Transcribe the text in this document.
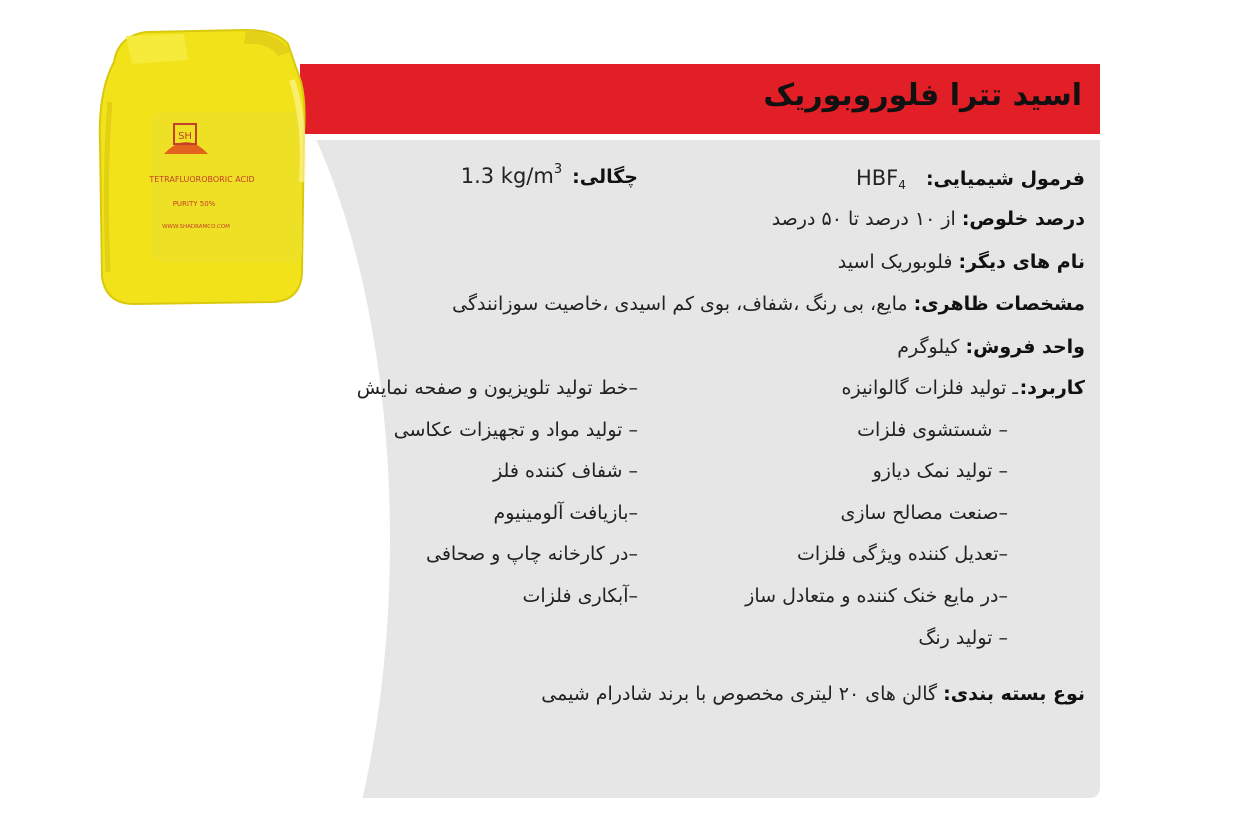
اسید تترا فلوروبوریک
SH
TETRAFLUOROBORIC ACID
PURITY 50%
WWW.SHADRAMCO.COM
فرمول شیمیایی: $HBF_4$
چگالی: 1.3 $kg/m^3$
درصد خلوص: از ۱۰ درصد تا ۵۰ درصد
نام های دیگر: فلوبوریک اسید
مشخصات ظاهری: مایع، بی رنگ ،شفاف، بوی کم اسیدی ،خاصیت سوزانندگی
واحد فروش: کیلوگرم
کاربرد:
ـ تولید فلزات گالوانیزه
– شستشوی فلزات
– تولید نمک دیازو
–صنعت مصالح سازی
–تعدیل کننده ویژگی فلزات
–در مایع خنک کننده و متعادل ساز
– تولید رنگ
–خط تولید تلویزیون و صفحه نمایش
– تولید مواد و تجهیزات عکاسی
– شفاف کننده فلز
–بازیافت آلومینیوم
–در کارخانه چاپ و صحافی
–آبکاری فلزات
نوع بسته بندی: گالن های ۲۰ لیتری مخصوص با برند شادرام شیمی
